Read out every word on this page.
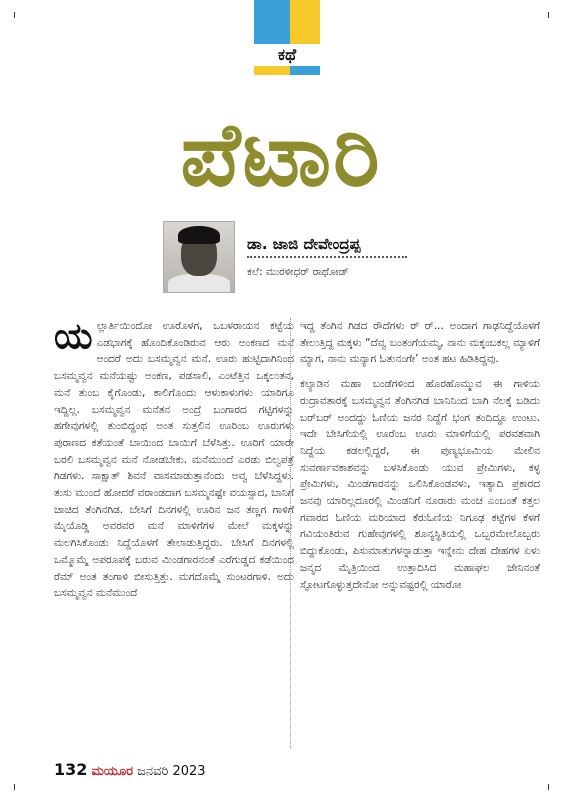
ಕಥೆ
ಪೆಟಾರಿ
ಡಾ. ಜಾಜಿ ದೇವೇಂದ್ರಪ್ಪ
ಕಲೆ: ಮುರಳೀಧರ್ ರಾಥೋಡ್
ಯ ಲ್ಲಾರ್ತಿಯಿಂದೋ ಊರೊಳಗ, ಒಬಳರಾಯನ ಕಟ್ಟೆಯ ಎಡಭಾಗಕ್ಕೆ ಹೊಂದಿಕೊಂಡಿರುವ ಆರು ಅಂಕಣದ ಮನೆ ಅಂದರೆ ಅದು ಬಸಮ್ಮವ್ವನ ಮನೆ. ಊರು ಹುಟ್ಟಿದಾಗಿನಿಂದ ಬಸಮ್ಮವ್ವನ ಮನೆಯಷ್ಟು ಅಂಕಣ, ಪಡಸಾಲಿ, ಎಂಟೆತ್ತಿನ ಒಕ್ಕಲುತನ, ಮನೆ ತುಂಬ ಕೈಗೊಂಡು, ಕಾಲಿಗೊಂದು ಆಳುಕಾಳುಗಳು ಯಾರಿಗೂ ಇದ್ದಿಲ್ಲ. ಬಸಮ್ಮವ್ವನ ಮನೆತನ ಅಂದ್ರೆ ಬಂಗಾರದ ಗಟ್ಟಿಗಳನ್ನು ಹಗೇವುಗಳಲ್ಲಿ ತುಂಬಿದ್ದಂಥ ಅಂತ ಸುತ್ತಲಿನ ಊರಿಂಬ ಊರುಗಳು ಪುರಾಣದ ಕತೆಯಂತೆ ಬಾಯಿಂದ ಬಾಯಿಗೆ ಬೆಳೆಸಿತ್ತು. ಊರಿಗೆ ಯಾರೇ ಬರಲಿ ಬಸಮ್ಮವ್ವನ ಮನೆ ನೋಡಬೇಕು. ಮನೆಮುಂದೆ ಎರಡು ಬಿಲ್ವಪತ್ರೆ ಗಿಡಗಳು. ಸಾಕ್ಷಾತ್ ಶಿವನೆ ವಾಸಮಾಡುತ್ತಾನೆಂದು ಅವ್ವ ಬೆಳೆಸಿದ್ದಳು. ತುಸು ಮುಂದೆ ಹೋದರೆ ವರಾಂಡದಾಗ ಬಸಮ್ಮನಷ್ಟೇ ವಯಸ್ಸಾದ, ಬಾನಿಗೆ ಚಾಚಿದ ತೆಂಗಿನಗಿಡ. ಬೇಸಿಗೆ ದಿನಗಳಲ್ಲಿ ಊರಿನ ಜನ ತಣ್ಣಗ ಗಾಳಿಗೆ ಮೈಯೊಡ್ಡಿ ಅವರವರ ಮನೆ ಮಾಳಿಗೆಗಳ ಮೇಲೆ ಮಕ್ಕಳನ್ನು ಮಲಗಿಸಿಕೊಂಡು ನಿದ್ದೆಯೊಳಗೆ ತೇಲಾಡುತ್ತಿದ್ದರು. ಬೇಸಿಗೆ ದಿನಗಳಲ್ಲಿ ಒಮ್ಮೊಮ್ಮೆ ಅಪರೂಪಕ್ಕೆ ಬರುವ ಮಿಂಡಗಾರನಂತೆ ಎರೆಗುಡ್ಡದ ಕಡೆಯಿಂದ ರೆಮ್ ಅಂತ ತಂಗಾಳಿ ಬೀಸುತ್ತಿತ್ತು. ಮಗದೊಮ್ಮೆ ಸುಂಟರಗಾಳಿ. ಅದು ಬಸಮ್ಮವ್ವನ ಮನೆಮುಂದೆ

ಇದ್ದ ತೆಂಗಿನ ಗಿಡದ ರೌದೆಗಳು ರ್ ರ್... ಅಂದಾಗ ಗಾಢನಿದ್ದೆಯೊಳಗೆ ತೇಲುತ್ತಿದ್ದ ಮಕ್ಕಳು “ದೆವ್ವ ಬಂತಂಗೆಯಮ್ಮ, ನಾನು ಮಕ್ಕಂಬಕಲ್ಲ ಮ್ಯಾಳಿಗೆ ಮ್ಯಾಗ, ನಾನು ಮನ್ಯಾಗ ಓತುನಂಗೇ’ ಅಂತ ಹಟ ಹಿಡಿತಿದ್ದವು.

ಕಲ್ಯಾಡಿನ ಮಹಾ ಬಂಡೆಗಳಿಂದ ಹೊರಹೊಮ್ಮುವ ಈ ಗಾಳಿಯ ರುದ್ರಾವತಾರಕ್ಕೆ ಬಸಮ್ಮವ್ವನ ತೆಂಗಿನಗಿಡ ಬಾನಿನಿಂದ ಬಾಗಿ ನೆಲಕ್ಕೆ ಬಡಿದು ಬರ್‌ಬರ್ ಅಂದದ್ದು ಓಣಿಯ ಜನರ ನಿದ್ದೆಗೆ ಭಂಗ ತಂದಿದ್ದೂ ಉಂಟು. ಇದೇ ಬೇಸಿಗೆಯಲ್ಲಿ ಊರೆಂಬ ಊರು ಮಾಳಿಗೆಯಲ್ಲಿ ಪರವಶವಾಗಿ ನಿದ್ದೆಯ ಕಡಲಲ್ಲಿದ್ದರೆ, ಈ ಪುಣ್ಯಭೂಮಿಯ ಮೇಲಿನ ಸುವರ್ಣಾವಕಾಶವನ್ನು ಬಳಸಿಕೊಂಡು ಯುವ ಪ್ರೇಮಿಗಳು, ಕಳ್ಳ ಪ್ರೇಮಿಗಳು, ಮಿಂಡಗಾರನನ್ನು ಒಲಿಸಿಕೊಂಡವಳು, ಇತ್ಯಾದಿ ಪ್ರಕಾರದ ಜನವು ಯಾರಿಲ್ಲದೂರಲ್ಲಿ ಮಿಂಡನಿಗೆ ನೂರಾರು ಮಂಚ ಎಂಬಂತೆ ಕತ್ತಲ ಗವಾರದ ಓಣಿಯ ಮರಿಯಾದ ಕೆರುಓಣಿಯ ನಿಗೂಢ ಕಟ್ಟೆಗಳ ಕೆಳಗೆ ಗವಿಯಂತಿರುವ ಗುಹೇವುಗಳಲ್ಲಿ ಶೂನ್ಯಸ್ಥಿತಿಯಲ್ಲಿ ಒಬ್ಬರಮೇಲೊಬ್ಬರು ಬಿದ್ದುಕೊಂಡು, ಪಿಸುಮಾತುಗಳನ್ನಾಡುತ್ತಾ ಇನ್ನೇನು ದೇಹ ದೇಹಗಳ ಏಳು ಜನ್ಮದ ಮೈತ್ರಿಯಿಂದ ಉತ್ತಾದಿಸಿದ ಮಹಾಘಲ ಜೇನಿನಂತೆ ಸ್ಫೋಟಗೊಳ್ಳುತ್ತದೇನೋ ಅನ್ನುವಷ್ಟರಲ್ಲಿ ಯಾರೋ

132 ಮಯೂರ ಜನವರಿ 2023
